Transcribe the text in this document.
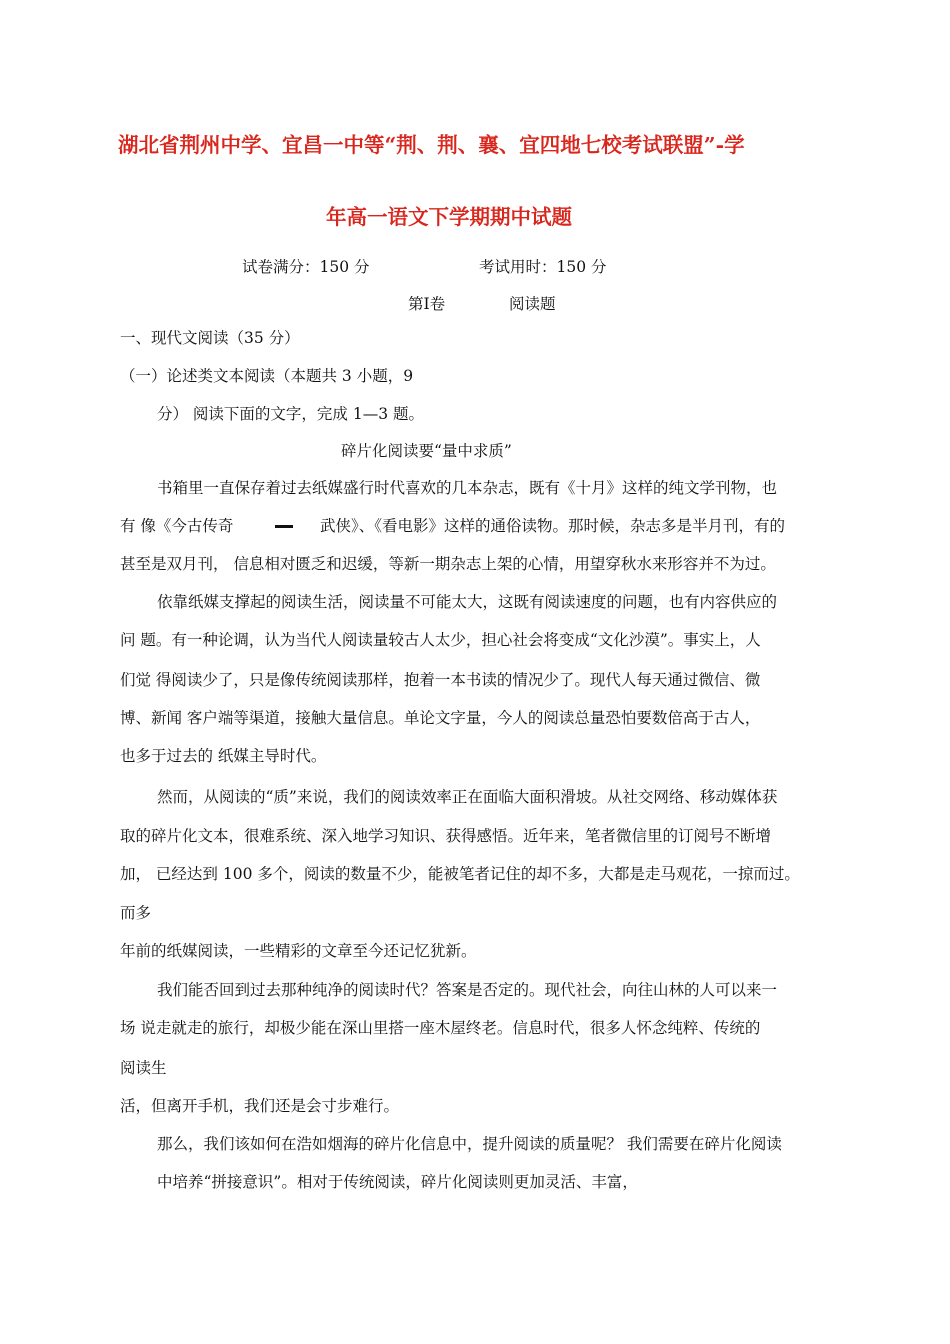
湖北省荆州中学、宜昌一中等“荆、荆、襄、宜四地七校考试联盟”-学
年高一语文下学期期中试题
试卷满分：150 分	考试用时：150 分
第Ⅰ卷	阅读题
一、现代文阅读（35 分）
（一）论述类文本阅读（本题共 3 小题，9
分） 阅读下面的文字，完成 1—3 题。
碎片化阅读要“量中求质”
书箱里一直保存着过去纸媒盛行时代喜欢的几本杂志，既有《十月》这样的纯文学刊物，也
有 像《今古传奇	武侠》、《看电影》这样的通俗读物。那时候，杂志多是半月刊，有的
甚至是双月刊， 信息相对匮乏和迟缓，等新一期杂志上架的心情，用望穿秋水来形容并不为过。
依靠纸媒支撑起的阅读生活，阅读量不可能太大，这既有阅读速度的问题，也有内容供应的
问 题。有一种论调，认为当代人阅读量较古人太少，担心社会将变成“文化沙漠”。事实上，人
们觉 得阅读少了，只是像传统阅读那样，抱着一本书读的情况少了。现代人每天通过微信、微
博、新闻 客户端等渠道，接触大量信息。单论文字量，今人的阅读总量恐怕要数倍高于古人，
也多于过去的 纸媒主导时代。
然而，从阅读的“质”来说，我们的阅读效率正在面临大面积滑坡。从社交网络、移动媒体获
取的碎片化文本，很难系统、深入地学习知识、获得感悟。近年来，笔者微信里的订阅号不断增
加， 已经达到 100 多个，阅读的数量不少，能被笔者记住的却不多，大都是走马观花，一掠而过。
而多
年前的纸媒阅读，一些精彩的文章至今还记忆犹新。
我们能否回到过去那种纯净的阅读时代？答案是否定的。现代社会，向往山林的人可以来一
场 说走就走的旅行，却极少能在深山里搭一座木屋终老。信息时代，很多人怀念纯粹、传统的
阅读生
活，但离开手机，我们还是会寸步难行。
那么，我们该如何在浩如烟海的碎片化信息中，提升阅读的质量呢？ 我们需要在碎片化阅读
中培养“拼接意识”。相对于传统阅读，碎片化阅读则更加灵活、丰富，
